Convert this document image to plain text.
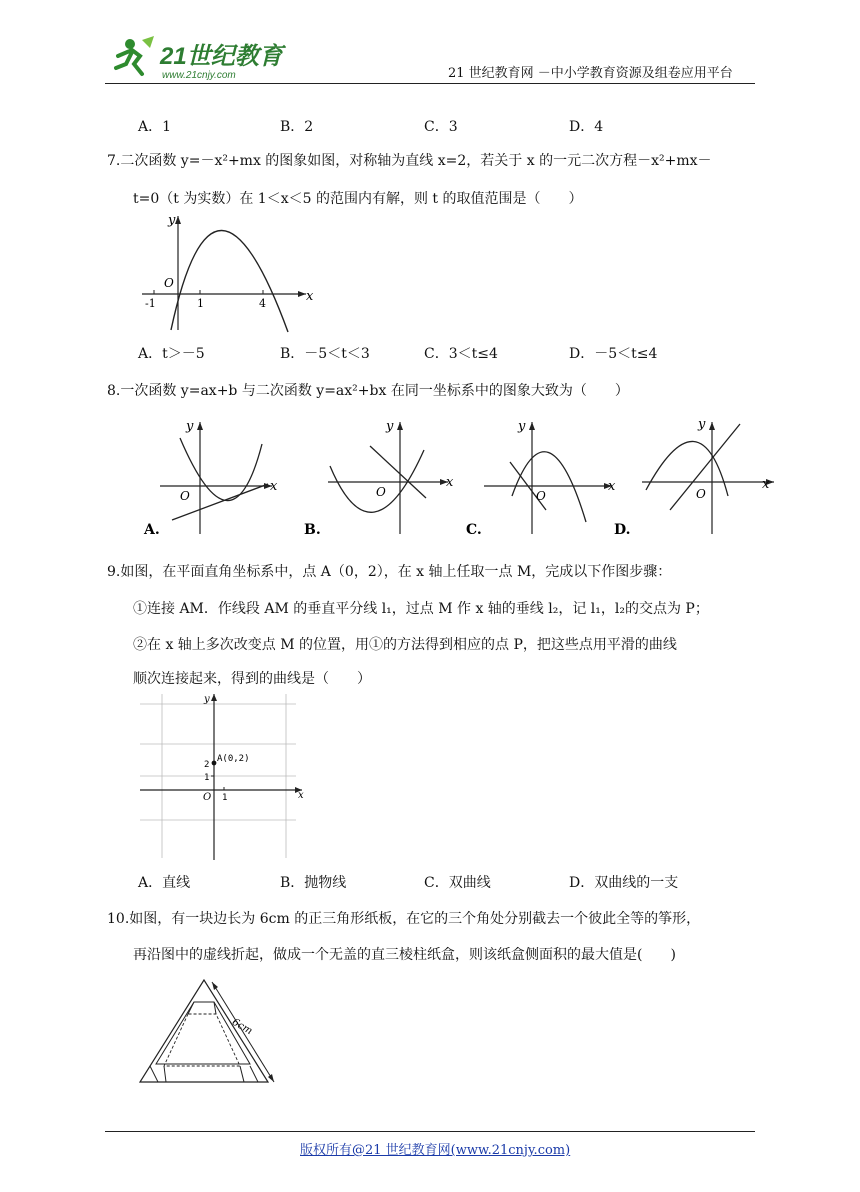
21世纪教育
www.21cnjy.com	21 世纪教育网 －中小学教育资源及组卷应用平台
A．1	B．2	C．3	D．4
7.二次函数 y=－x²+mx 的图象如图，对称轴为直线 x=2，若关于 x 的一元二次方程－x²+mx－
t=0（t 为实数）在 1＜x＜5 的范围内有解，则 t 的取值范围是（　　）
y
x
O
-1	1	4
A．t＞－5	B．－5＜t＜3	C．3＜t≤4	D．－5＜t≤4
8.一次函数 y=ax+b 与二次函数 y=ax²+bx 在同一坐标系中的图象大致为（　　）
y
x
O
A.
y
x
O
B.
y
x
O
C.
y
x
O
D.
9.如图，在平面直角坐标系中，点 A（0，2），在 x 轴上任取一点 M，完成以下作图步骤：
①连接 AM．作线段 AM 的垂直平分线 l₁，过点 M 作 x 轴的垂线 l₂，记 l₁，l₂的交点为 P；
②在 x 轴上多次改变点 M 的位置，用①的方法得到相应的点 P，把这些点用平滑的曲线
顺次连接起来，得到的曲线是（　　）
y
x
O 1
2
1
A(0,2)
A．直线	B．抛物线	C．双曲线	D．双曲线的一支
10.如图，有一块边长为 6cm 的正三角形纸板，在它的三个角处分别截去一个彼此全等的筝形，
再沿图中的虚线折起，做成一个无盖的直三棱柱纸盒，则该纸盒侧面积的最大值是(　　)
6cm
版权所有@21 世纪教育网(www.21cnjy.com)
